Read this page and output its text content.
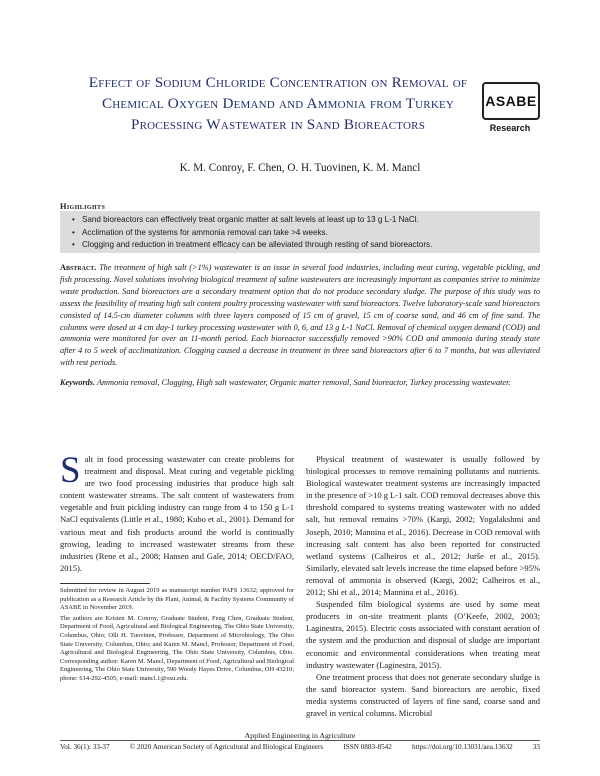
Effect of Sodium Chloride Concentration on Removal of Chemical Oxygen Demand and Ammonia from Turkey Processing Wastewater in Sand Bioreactors
ASABE
Research
K. M. Conroy, F. Chen, O. H. Tuovinen, K. M. Mancl
Highlights
• Sand bioreactors can effectively treat organic matter at salt levels at least up to 13 g L-1 NaCl.
• Acclimation of the systems for ammonia removal can take >4 weeks.
• Clogging and reduction in treatment efficacy can be alleviated through resting of sand bioreactors.
Abstract. The treatment of high salt (>1%) wastewater is an issue in several food industries, including meat curing, vegetable pickling, and fish processing. Novel solutions involving biological treatment of saline wastewaters are increasingly important as companies strive to minimize waste production. Sand bioreactors are a secondary treatment option that do not produce secondary sludge. The purpose of this study was to assess the feasibility of treating high salt content poultry processing wastewater with sand bioreactors. Twelve laboratory-scale sand bioreactors consisted of 14.5-cm diameter columns with three layers composed of 15 cm of gravel, 15 cm of coarse sand, and 46 cm of fine sand. The columns were dosed at 4 cm day-1 turkey processing wastewater with 0, 6, and 13 g L-1 NaCl. Removal of chemical oxygen demand (COD) and ammonia were monitored for over an 11-month period. Each bioreactor successfully removed >90% COD and ammonia during steady state after 4 to 5 week of acclimatization. Clogging caused a decrease in treatment in three sand bioreactors after 6 to 7 months, but was alleviated with rest periods.
Keywords. Ammonia removal, Clogging, High salt wastewater, Organic matter removal, Sand bioreactor, Turkey processing wastewater.

Salt in food processing wastewater can create problems for treatment and disposal. Meat curing and vegetable pickling are two food processing industries that produce high salt content wastewater streams. The salt content of wastewaters from vegetable and fruit pickling industry can range from 4 to 150 g L-1 NaCl equivalents (Little et al., 1980; Kubo et al., 2001). Demand for various meat and fish products around the world is continually growing, leading to increased wastewater streams from these industries (Rene et al., 2008; Hansen and Gale, 2014; OECD/FAO, 2015).

Physical treatment of wastewater is usually followed by biological processes to remove remaining pollutants and nutrients. Biological wastewater treatment systems are increasingly impacted in the presence of >10 g L-1 salt. COD removal decreases above this threshold compared to systems treating wastewater with no added salt, but removal remains >70% (Kargi, 2002; Yogalakshmi and Joseph, 2010; Mannina et al., 2016). Decrease in COD removal with increasing salt content has also been reported for constructed wetland systems (Calheiros et al., 2012; Jurše et al., 2015). Similarly, elevated salt levels increase the time elapsed before >95% removal of ammonia is observed (Kargi, 2002; Calheiros et al., 2012; Shi et al., 2014; Mannina et al., 2016).

Suspended film biological systems are used by some meat producers in on-site treatment plants (O’Keefe, 2002, 2003; Laginestra, 2015). Electric costs associated with constant aeration of the system and the production and disposal of sludge are important economic and environmental considerations when treating meat industry wastewater (Laginestra, 2015).

One treatment process that does not generate secondary sludge is the sand bioreactor system. Sand bioreactors are aerobic, fixed media systems constructed of layers of fine sand, coarse sand and gravel in vertical columns. Microbial

Submitted for review in August 2019 as manuscript number PAFS 13632; approved for publication as a Research Article by the Plant, Animal, & Facility Systems Community of ASABE in November 2019.

The authors are Kristen M. Conroy, Graduate Student, Feng Chen, Graduate Student, Department of Food, Agricultural and Biological Engineering, The Ohio State University, Columbus, Ohio; Olli H. Tuovinen, Professor, Department of Microbiology, The Ohio State University, Columbus, Ohio; and Karen M. Mancl, Professor, Department of Food, Agricultural and Biological Engineering, The Ohio State University, Columbus, Ohio. Corresponding author: Karen M. Mancl, Department of Food, Agricultural and Biological Engineering, The Ohio State University, 590 Woody Hayes Drive, Columbus, OH 43210; phone: 614-292-4505; e-mail: mancl.1@osu.edu.

Applied Engineering in Agriculture
Vol. 36(1): 33-37	© 2020 American Society of Agricultural and Biological Engineers	ISSN 0883-8542	https://doi.org/10.13031/aea.13632	33
